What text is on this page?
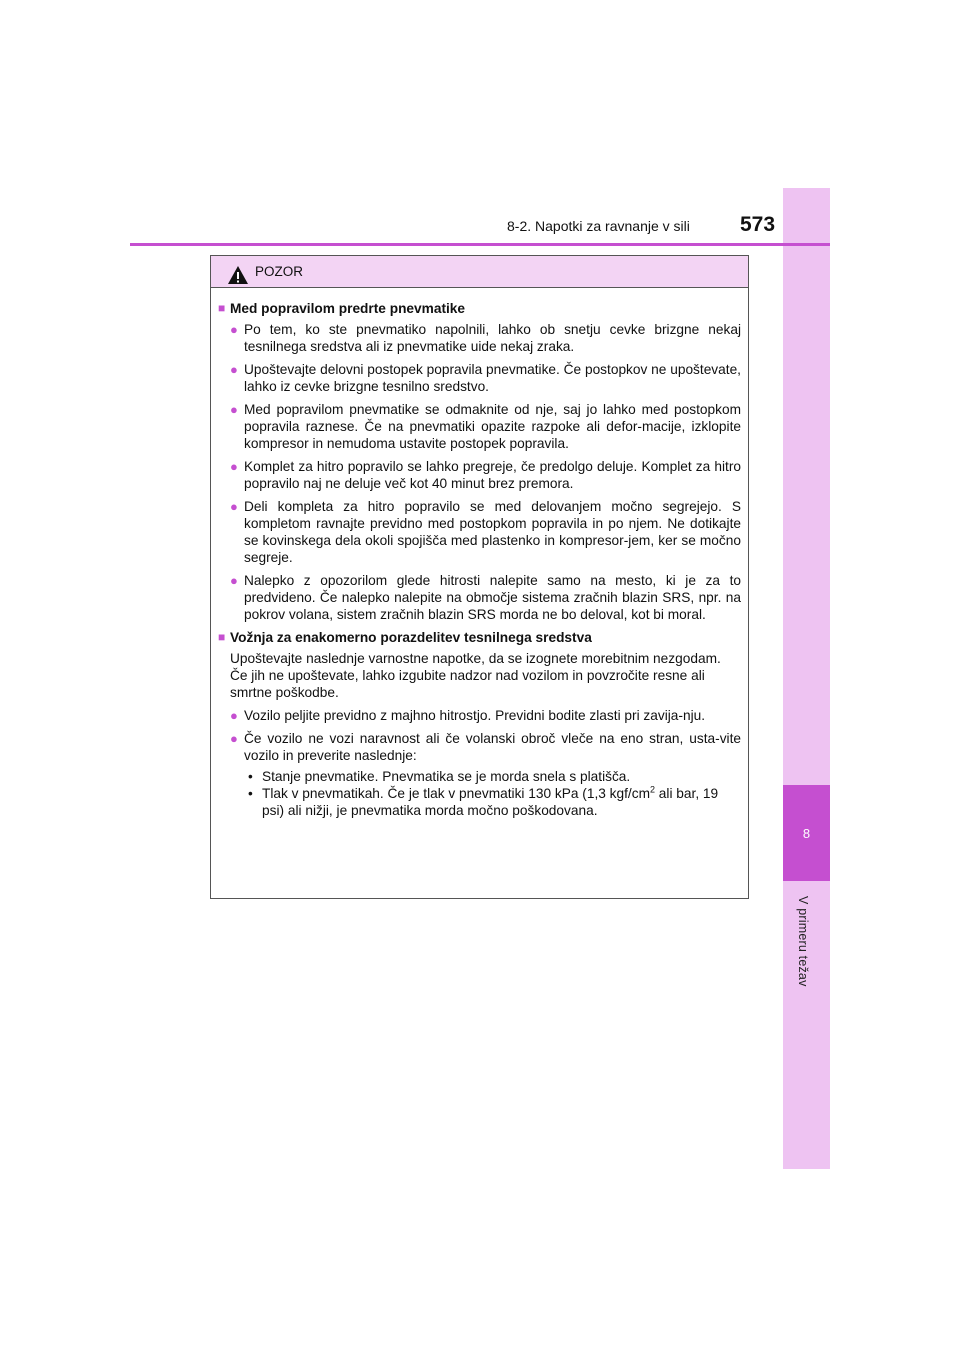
8
V primeru težav
8-2. Napotki za ravnanje v sili 573
POZOR
■ Med popravilom predrte pnevmatike
● Po tem, ko ste pnevmatiko napolnili, lahko ob snetju cevke brizgne nekaj tesnilnega sredstva ali iz pnevmatike uide nekaj zraka.
● Upoštevajte delovni postopek popravila pnevmatike. Če postopkov ne upoštevate, lahko iz cevke brizgne tesnilno sredstvo.
● Med popravilom pnevmatike se odmaknite od nje, saj jo lahko med postopkom popravila raznese. Če na pnevmatiki opazite razpoke ali defor-macije, izklopite kompresor in nemudoma ustavite postopek popravila.
● Komplet za hitro popravilo se lahko pregreje, če predolgo deluje. Komplet za hitro popravilo naj ne deluje več kot 40 minut brez premora.
● Deli kompleta za hitro popravilo se med delovanjem močno segrejejo. S kompletom ravnajte previdno med postopkom popravila in po njem. Ne dotikajte se kovinskega dela okoli spojišča med plastenko in kompresor-jem, ker se močno segreje.
● Nalepko z opozorilom glede hitrosti nalepite samo na mesto, ki je za to predvideno. Če nalepko nalepite na območje sistema zračnih blazin SRS, npr. na pokrov volana, sistem zračnih blazin SRS morda ne bo deloval, kot bi moral.
■ Vožnja za enakomerno porazdelitev tesnilnega sredstva

Upoštevajte naslednje varnostne napotke, da se izognete morebitnim nezgodam.

Če jih ne upoštevate, lahko izgubite nadzor nad vozilom in povzročite resne ali smrtne poškodbe.

● Vozilo peljite previdno z majhno hitrostjo. Previdni bodite zlasti pri zavija-nju.
● Če vozilo ne vozi naravnost ali če volanski obroč vleče na eno stran, usta-vite vozilo in preverite naslednje:
• Stanje pnevmatike. Pnevmatika se je morda snela s platišča.
• Tlak v pnevmatikah. Če je tlak v pnevmatiki 130 kPa (1,3 kgf/$cm^2$ ali bar, 19 psi) ali nižji, je pnevmatika morda močno poškodovana.
